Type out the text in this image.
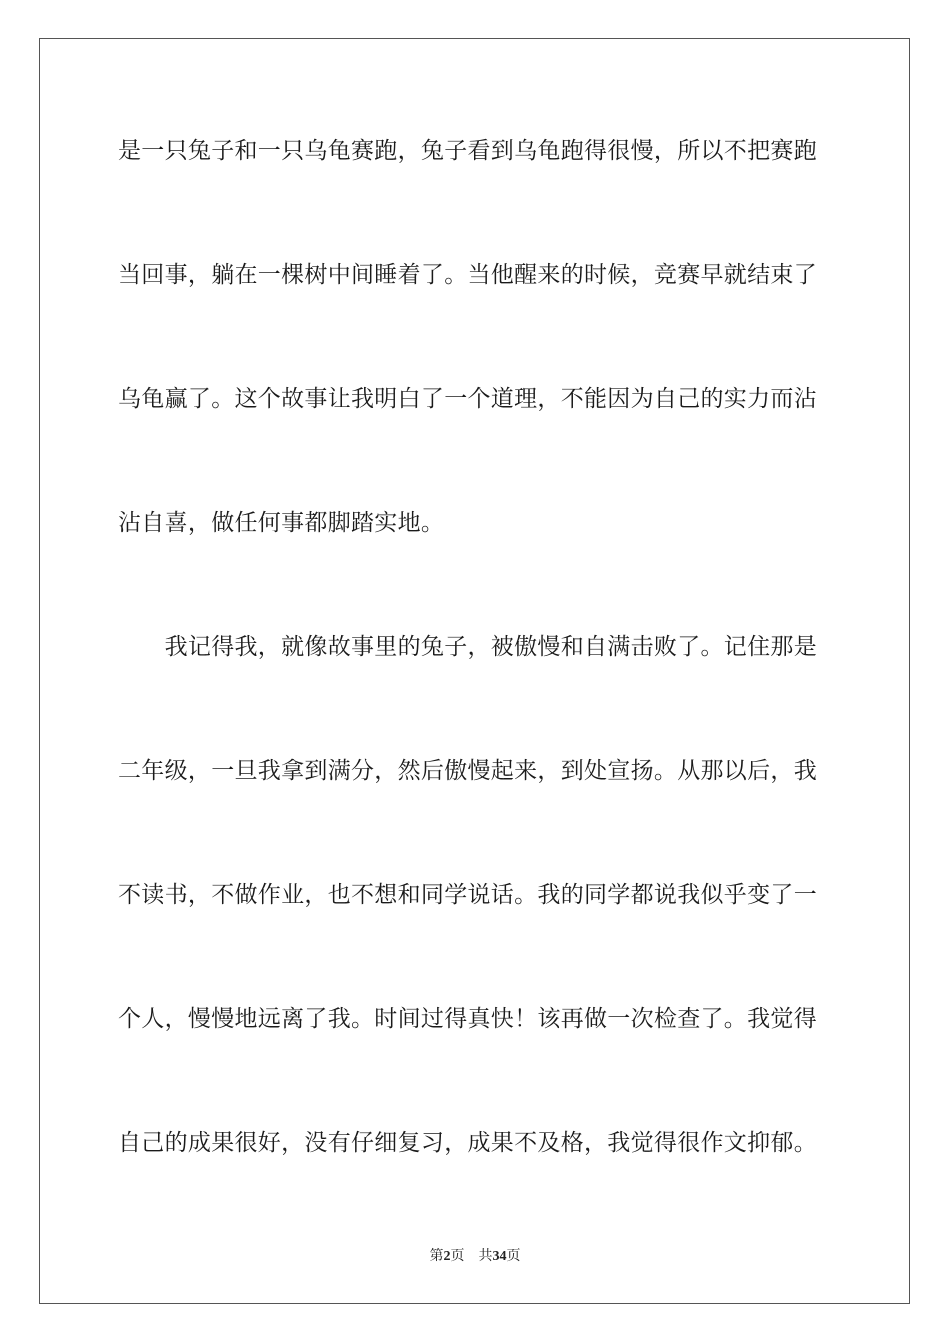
是一只兔子和一只乌龟赛跑，兔子看到乌龟跑得很慢，所以不把赛跑
当回事，躺在一棵树中间睡着了。当他醒来的时候，竞赛早就结束了
乌龟赢了。这个故事让我明白了一个道理，不能因为自己的实力而沾
沾自喜，做任何事都脚踏实地。
　　我记得我，就像故事里的兔子，被傲慢和自满击败了。记住那是
二年级，一旦我拿到满分，然后傲慢起来，到处宣扬。从那以后，我
不读书，不做作业，也不想和同学说话。我的同学都说我似乎变了一
个人，慢慢地远离了我。时间过得真快！该再做一次检查了。我觉得
自己的成果很好，没有仔细复习，成果不及格，我觉得很作文抑郁。
第2页 共34页
